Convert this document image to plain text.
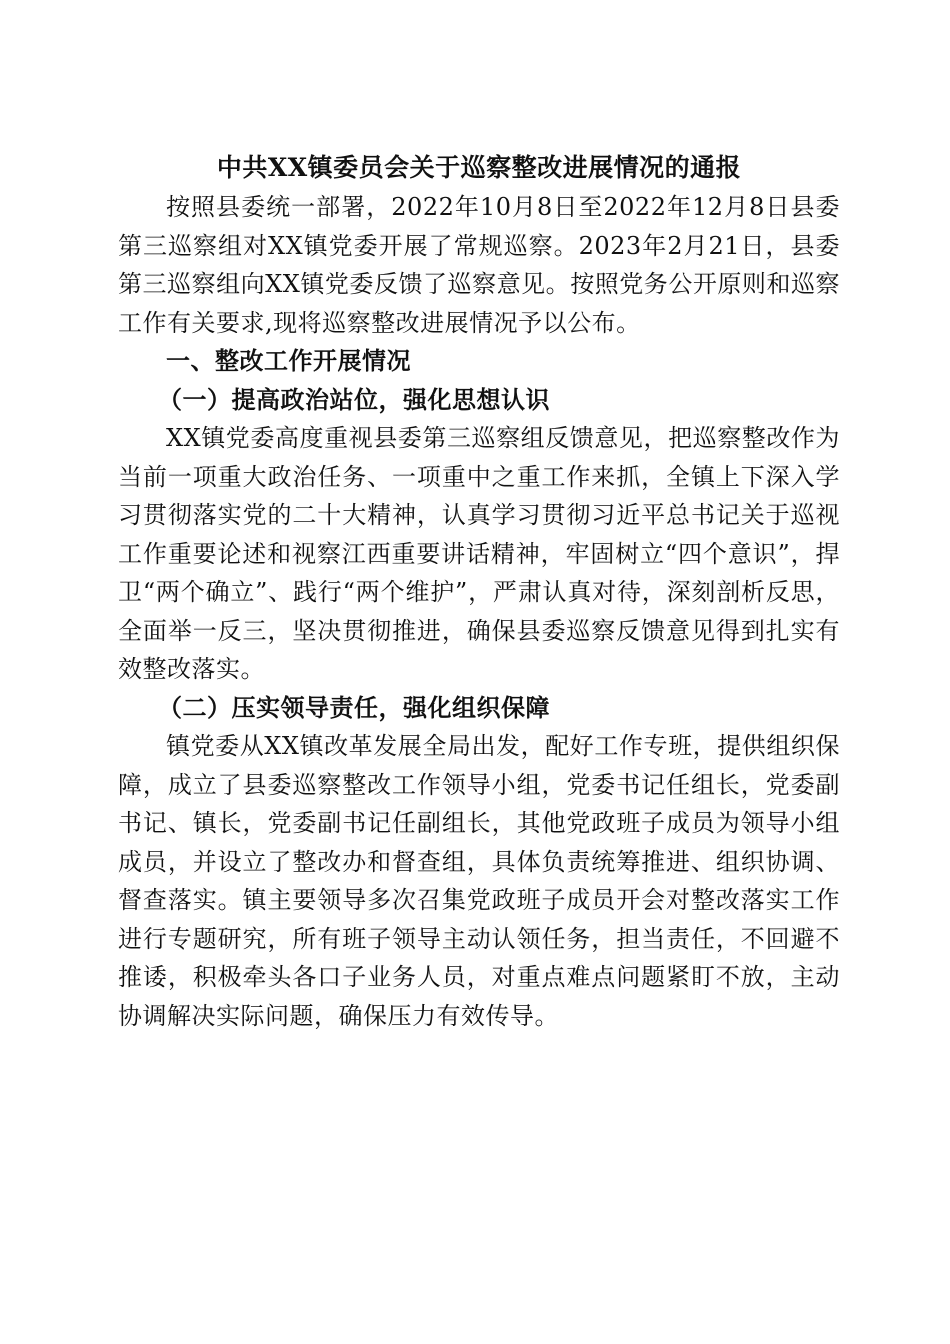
中共XX镇委员会关于巡察整改进展情况的通报

按照县委统一部署，2022年10月8日至2022年12月8日县委第三巡察组对XX镇党委开展了常规巡察。2023年2月21日，县委第三巡察组向XX镇党委反馈了巡察意见。按照党务公开原则和巡察工作有关要求,现将巡察整改进展情况予以公布。

一、整改工作开展情况
（一）提高政治站位，强化思想认识

XX镇党委高度重视县委第三巡察组反馈意见，把巡察整改作为当前一项重大政治任务、一项重中之重工作来抓，全镇上下深入学习贯彻落实党的二十大精神，认真学习贯彻习近平总书记关于巡视工作重要论述和视察江西重要讲话精神，牢固树立“四个意识”，捍卫“两个确立”、践行“两个维护”，严肃认真对待，深刻剖析反思，全面举一反三，坚决贯彻推进，确保县委巡察反馈意见得到扎实有效整改落实。

（二）压实领导责任，强化组织保障

镇党委从XX镇改革发展全局出发，配好工作专班，提供组织保障，成立了县委巡察整改工作领导小组，党委书记任组长，党委副书记、镇长，党委副书记任副组长，其他党政班子成员为领导小组成员，并设立了整改办和督查组，具体负责统筹推进、组织协调、督查落实。镇主要领导多次召集党政班子成员开会对整改落实工作进行专题研究，所有班子领导主动认领任务，担当责任，不回避不推诿，积极牵头各口子业务人员，对重点难点问题紧盯不放，主动协调解决实际问题，确保压力有效传导。
